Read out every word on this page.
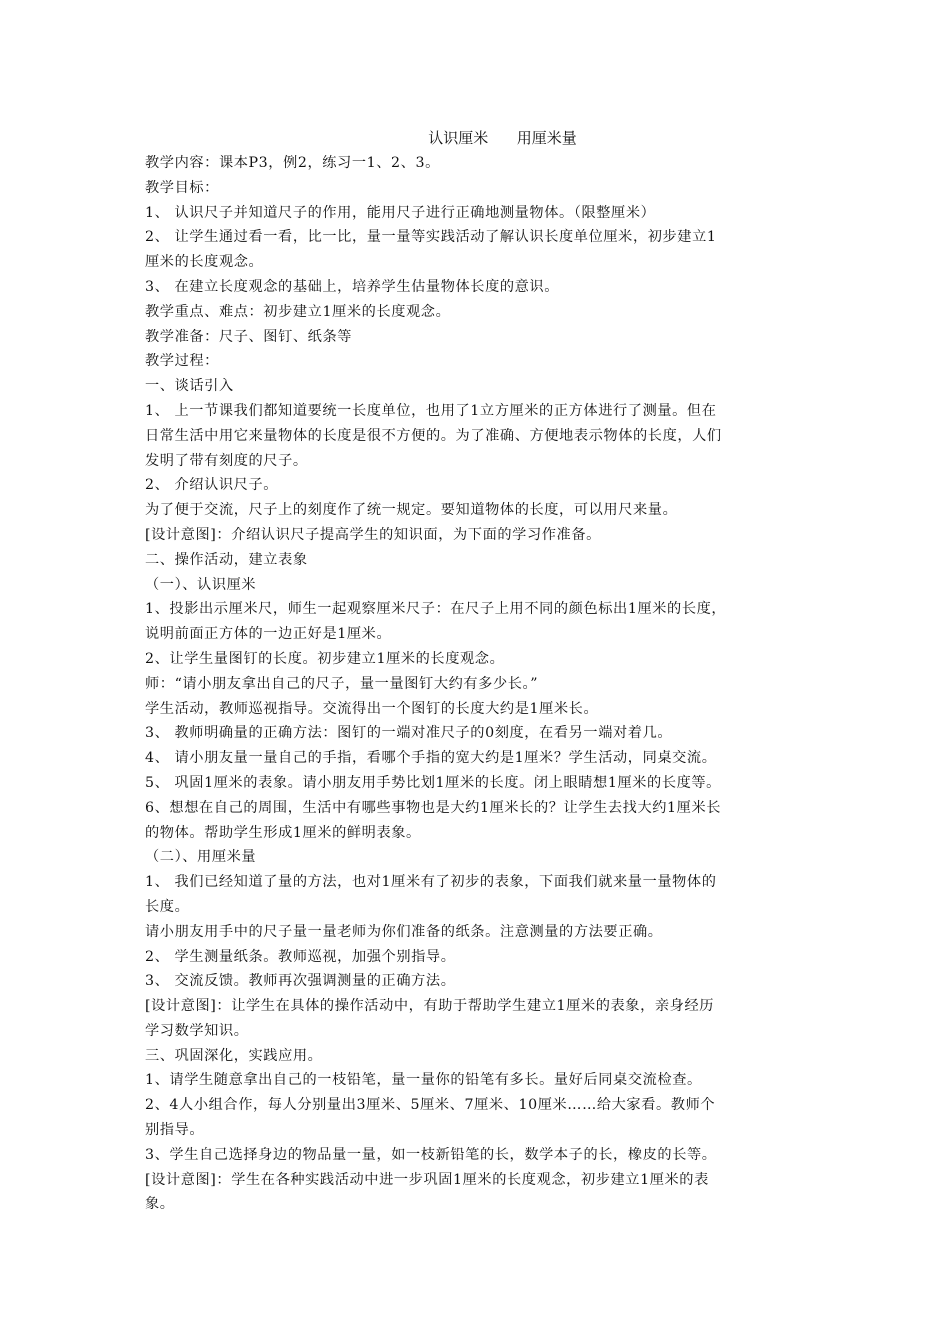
认识厘米      用厘米量
教学内容：课本P3，例2，练习一1、2、3。
教学目标：
1、 认识尺子并知道尺子的作用，能用尺子进行正确地测量物体。（限整厘米）
2、 让学生通过看一看，比一比，量一量等实践活动了解认识长度单位厘米，初步建立1
厘米的长度观念。
3、 在建立长度观念的基础上，培养学生估量物体长度的意识。
教学重点、难点：初步建立1厘米的长度观念。
教学准备：尺子、图钉、纸条等
教学过程：
一、谈话引入
1、 上一节课我们都知道要统一长度单位，也用了1立方厘米的正方体进行了测量。但在
日常生活中用它来量物体的长度是很不方便的。为了准确、方便地表示物体的长度，人们
发明了带有刻度的尺子。
2、 介绍认识尺子。
为了便于交流，尺子上的刻度作了统一规定。要知道物体的长度，可以用尺来量。
[设计意图]：介绍认识尺子提高学生的知识面，为下面的学习作准备。
二、操作活动，建立表象
（一）、认识厘米
1、投影出示厘米尺，师生一起观察厘米尺子：在尺子上用不同的颜色标出1厘米的长度，
说明前面正方体的一边正好是1厘米。
2、让学生量图钉的长度。初步建立1厘米的长度观念。
师：“请小朋友拿出自己的尺子，量一量图钉大约有多少长。”
学生活动，教师巡视指导。交流得出一个图钉的长度大约是1厘米长。
3、 教师明确量的正确方法：图钉的一端对准尺子的0刻度，在看另一端对着几。
4、 请小朋友量一量自己的手指，看哪个手指的宽大约是1厘米？学生活动，同桌交流。
5、 巩固1厘米的表象。请小朋友用手势比划1厘米的长度。闭上眼睛想1厘米的长度等。
6、想想在自己的周围，生活中有哪些事物也是大约1厘米长的？让学生去找大约1厘米长
的物体。帮助学生形成1厘米的鲜明表象。
（二）、用厘米量
1、 我们已经知道了量的方法，也对1厘米有了初步的表象，下面我们就来量一量物体的
长度。
请小朋友用手中的尺子量一量老师为你们准备的纸条。注意测量的方法要正确。
2、 学生测量纸条。教师巡视，加强个别指导。
3、 交流反馈。教师再次强调测量的正确方法。
[设计意图]：让学生在具体的操作活动中，有助于帮助学生建立1厘米的表象，亲身经历
学习数学知识。
三、巩固深化，实践应用。
1、请学生随意拿出自己的一枝铅笔，量一量你的铅笔有多长。量好后同桌交流检查。
2、4人小组合作，每人分别量出3厘米、5厘米、7厘米、10厘米……给大家看。教师个
别指导。
3、学生自己选择身边的物品量一量，如一枝新铅笔的长，数学本子的长，橡皮的长等。
[设计意图]：学生在各种实践活动中进一步巩固1厘米的长度观念，初步建立1厘米的表
象。
